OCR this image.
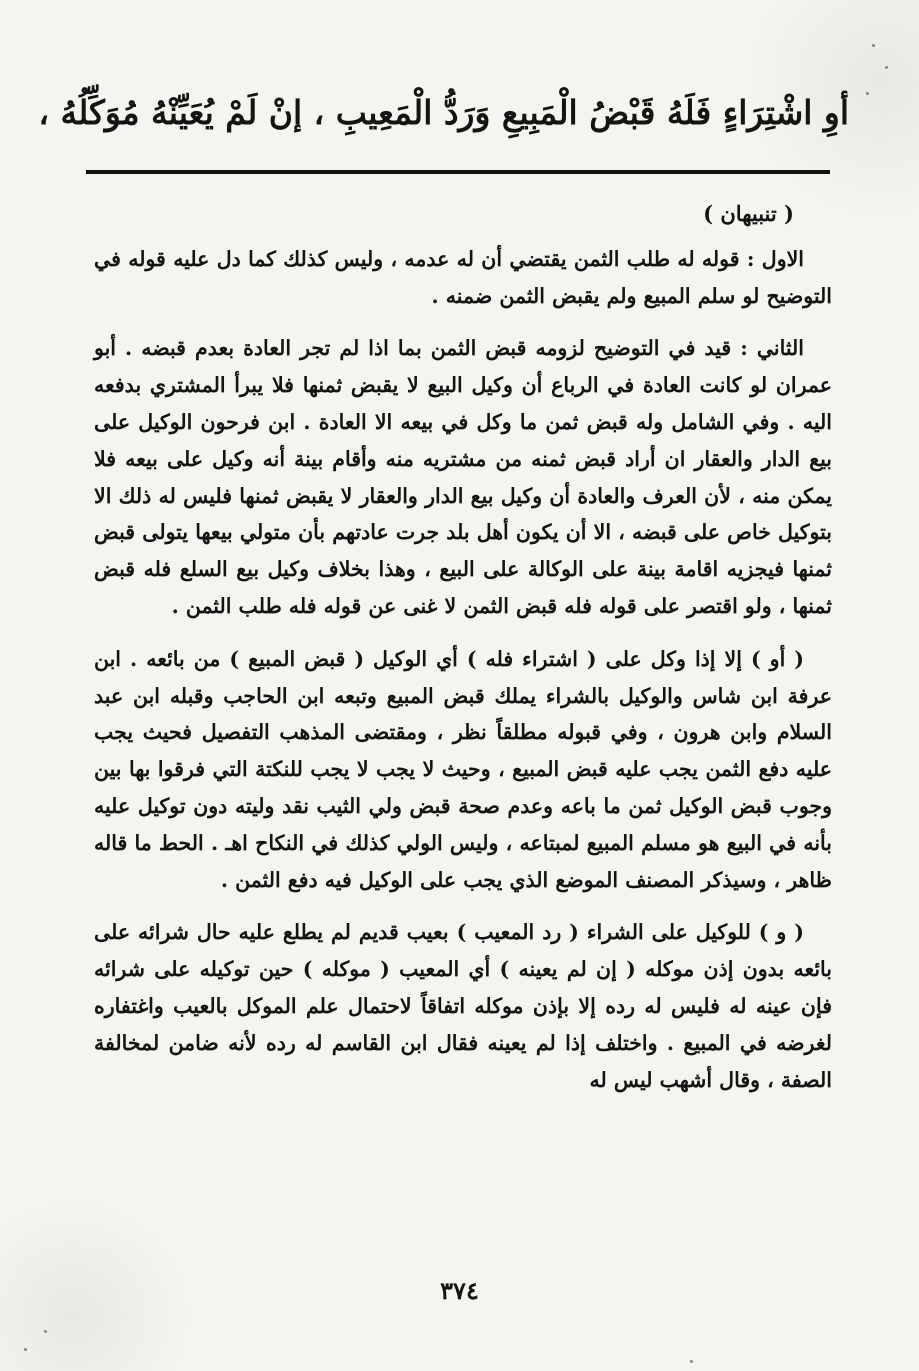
أوِ اشْتِرَاءٍ فَلَهُ قَبْضُ الْمَبِيعِ وَرَدُّ الْمَعِيبِ ، إنْ لَمْ يُعَيِّنْهُ مُوَكِّلُهُ ،
( تنبيهان )

الاول : قوله له طلب الثمن يقتضي أن له عدمه ، وليس كذلك كما دل عليه قوله في التوضيح لو سلم المبيع ولم يقبض الثمن ضمنه .

الثاني : قيد في التوضيح لزومه قبض الثمن بما اذا لم تجر العادة بعدم قبضه . أبو عمران لو كانت العادة في الرباع أن وكيل البيع لا يقبض ثمنها فلا يبرأ المشتري بدفعه اليه . وفي الشامل وله قبض ثمن ما وكل في بيعه الا العادة . ابن فرحون الوكيل على بيع الدار والعقار ان أراد قبض ثمنه من مشتريه منه وأقام بينة أنه وكيل على بيعه فلا يمكن منه ، لأن العرف والعادة أن وكيل بيع الدار والعقار لا يقبض ثمنها فليس له ذلك الا بتوكيل خاص على قبضه ، الا أن يكون أهل بلد جرت عادتهم بأن متولي بيعها يتولى قبض ثمنها فيجزيه اقامة بينة على الوكالة على البيع ، وهذا بخلاف وكيل بيع السلع فله قبض ثمنها ، ولو اقتصر على قوله فله قبض الثمن لا غنى عن قوله فله طلب الثمن .

( أو ) إلا إذا وكل على ( اشتراء فله ) أي الوكيل ( قبض المبيع ) من بائعه . ابن عرفة ابن شاس والوكيل بالشراء يملك قبض المبيع وتبعه ابن الحاجب وقبله ابن عبد السلام وابن هرون ، وفي قبوله مطلقاً نظر ، ومقتضى المذهب التفصيل فحيث يجب عليه دفع الثمن يجب عليه قبض المبيع ، وحيث لا يجب لا يجب للنكتة التي فرقوا بها بين وجوب قبض الوكيل ثمن ما باعه وعدم صحة قبض ولي الثيب نقد وليته دون توكيل عليه بأنه في البيع هو مسلم المبيع لمبتاعه ، وليس الولي كذلك في النكاح اهـ . الحط ما قاله ظاهر ، وسيذكر المصنف الموضع الذي يجب على الوكيل فيه دفع الثمن .

( و ) للوكيل على الشراء ( رد المعيب ) بعيب قديم لم يطلع عليه حال شرائه على بائعه بدون إذن موكله ( إن لم يعينه ) أي المعيب ( موكله ) حين توكيله على شرائه فإن عينه له فليس له رده إلا بإذن موكله اتفاقاً لاحتمال علم الموكل بالعيب واغتفاره لغرضه في المبيع . واختلف إذا لم يعينه فقال ابن القاسم له رده لأنه ضامن لمخالفة الصفة ، وقال أشهب ليس له

٣٧٤
